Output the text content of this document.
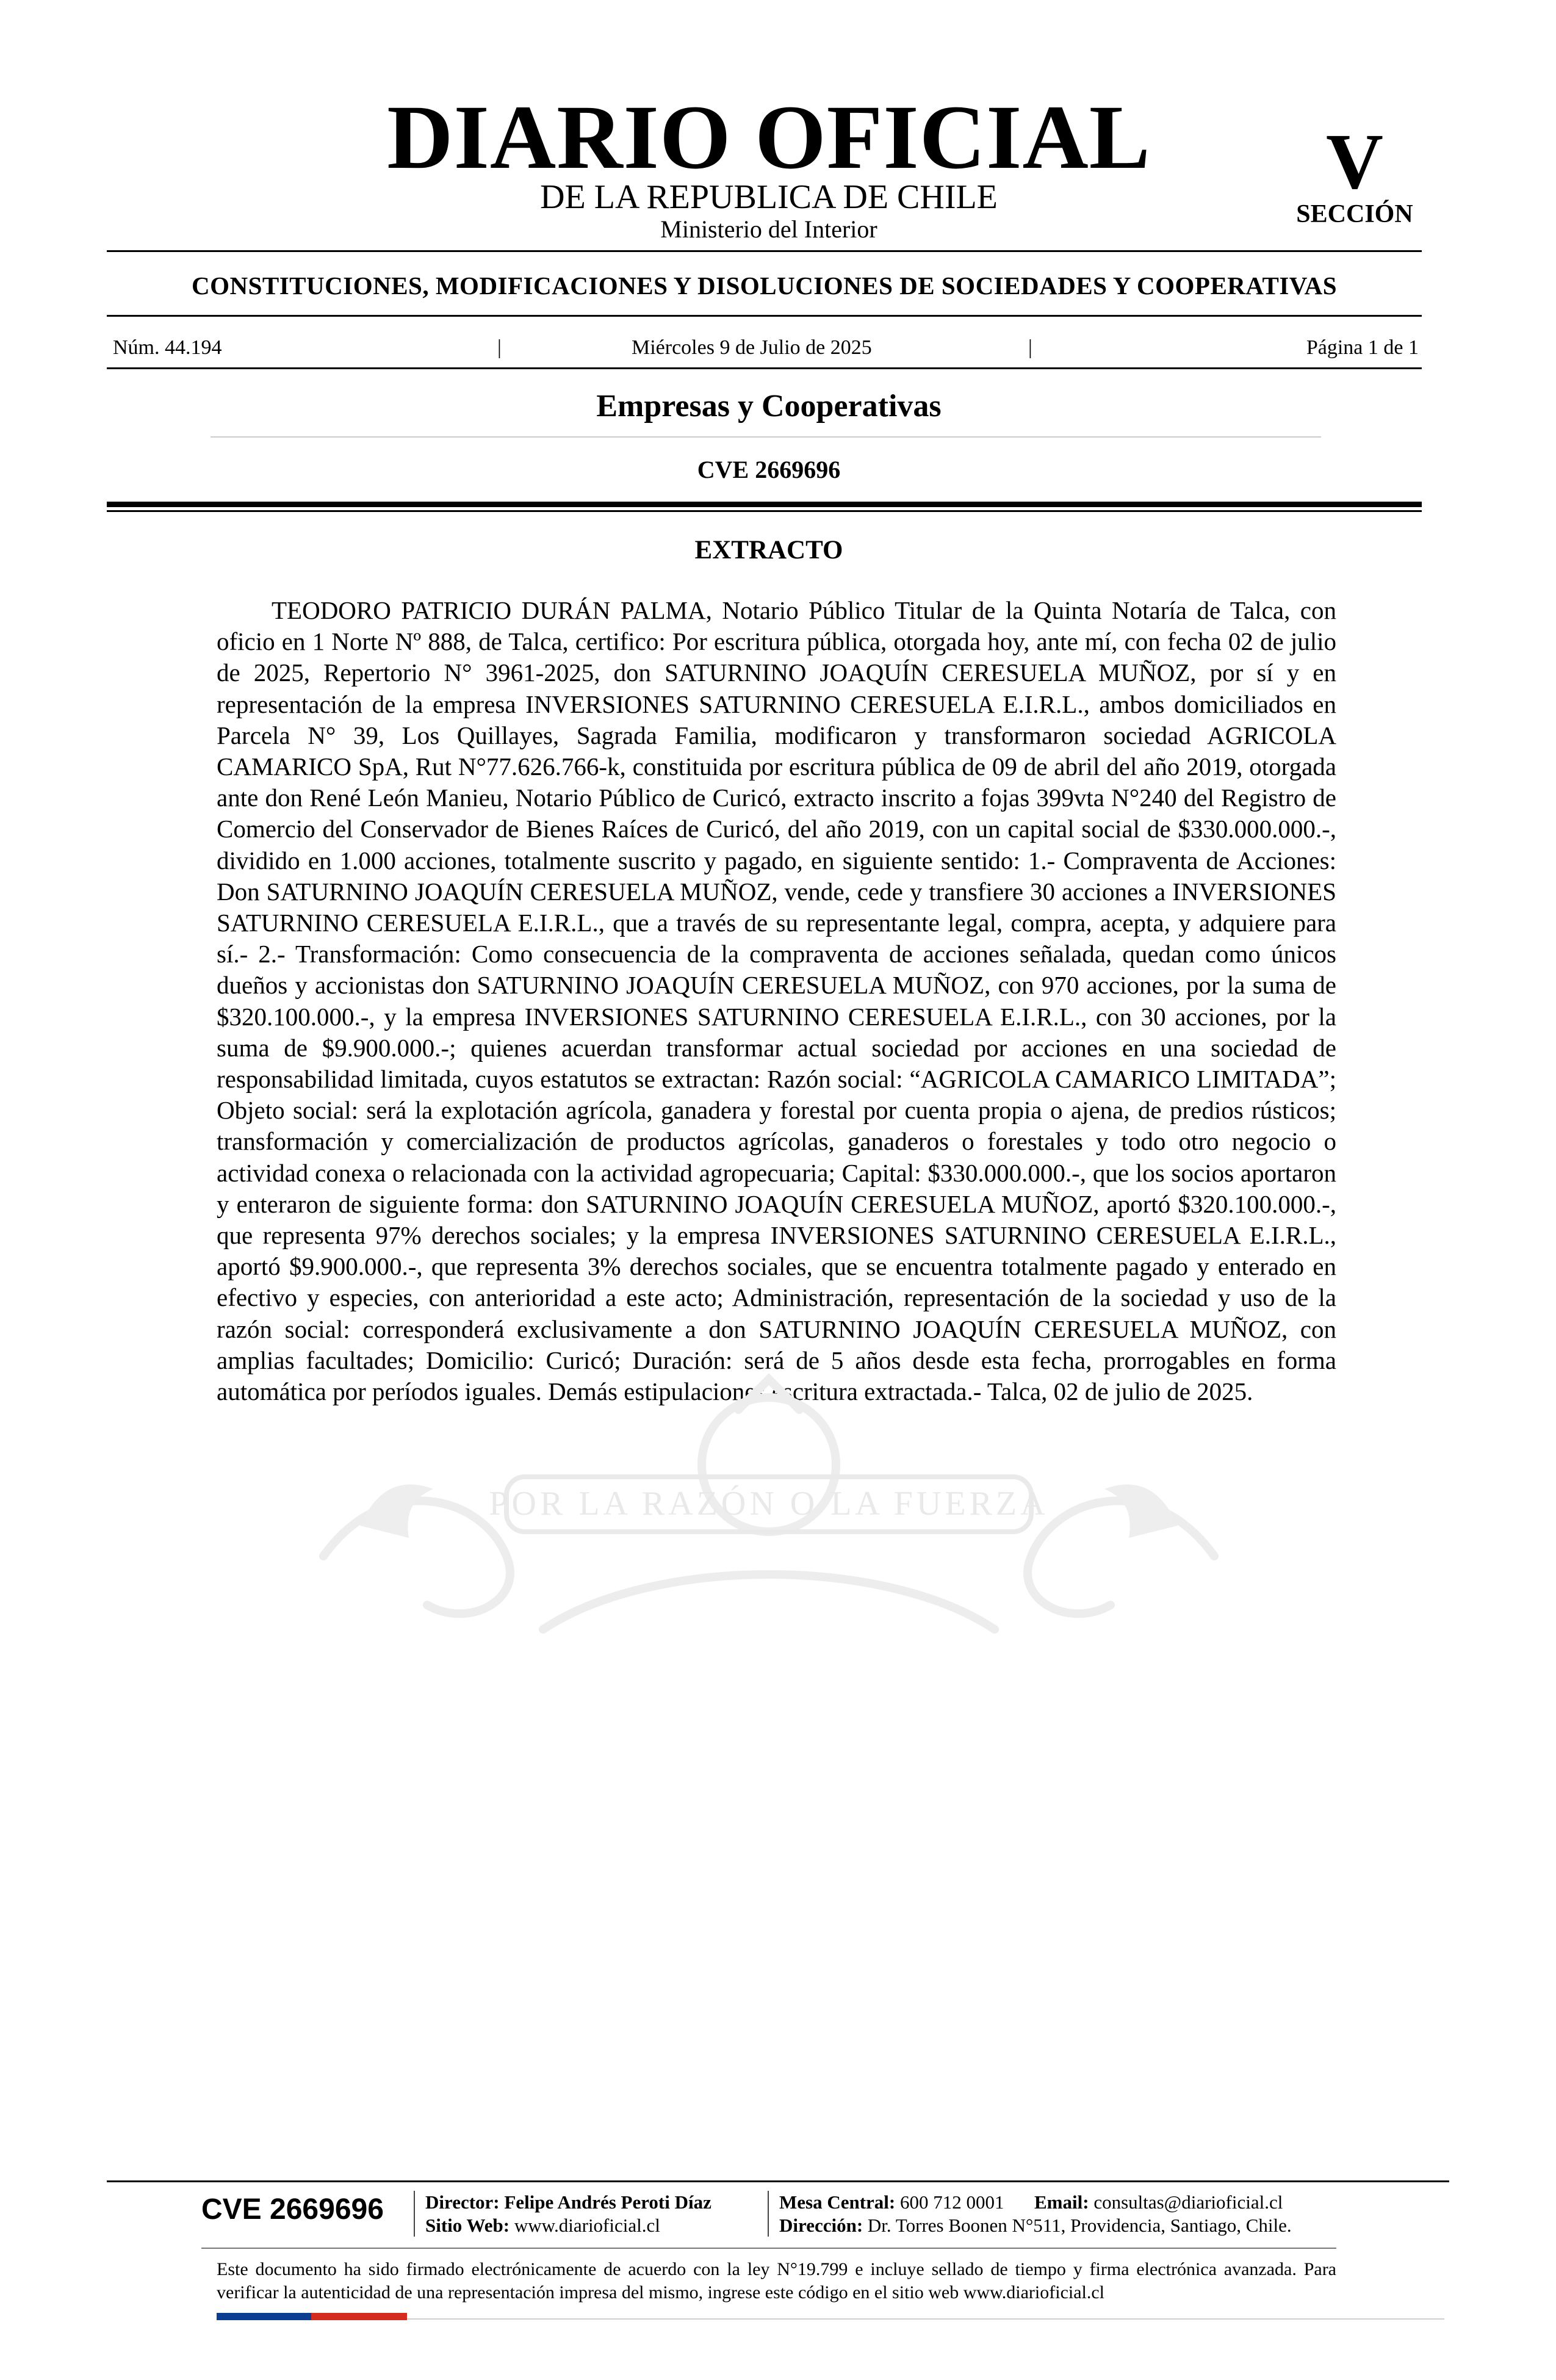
DIARIO OFICIAL
DE LA REPUBLICA DE CHILE
Ministerio del Interior
V
SECCIÓN
CONSTITUCIONES, MODIFICACIONES Y DISOLUCIONES DE SOCIEDADES Y COOPERATIVAS
Núm. 44.194	|	Miércoles 9 de Julio de 2025	|	Página 1 de 1
Empresas y Cooperativas
CVE 2669696
EXTRACTO

TEODORO PATRICIO DURÁN PALMA, Notario Público Titular de la Quinta Notaría de Talca, con oficio en 1 Norte Nº 888, de Talca, certifico: Por escritura pública, otorgada hoy, ante mí, con fecha 02 de julio de 2025, Repertorio N° 3961-2025, don SATURNINO JOAQUÍN CERESUELA MUÑOZ, por sí y en representación de la empresa INVERSIONES SATURNINO CERESUELA E.I.R.L., ambos domiciliados en Parcela N° 39, Los Quillayes, Sagrada Familia, modificaron y transformaron sociedad AGRICOLA CAMARICO SpA, Rut N°77.626.766-k, constituida por escritura pública de 09 de abril del año 2019, otorgada ante don René León Manieu, Notario Público de Curicó, extracto inscrito a fojas 399vta N°240 del Registro de Comercio del Conservador de Bienes Raíces de Curicó, del año 2019, con un capital social de $330.000.000.-, dividido en 1.000 acciones, totalmente suscrito y pagado, en siguiente sentido: 1.- Compraventa de Acciones: Don SATURNINO JOAQUÍN CERESUELA MUÑOZ, vende, cede y transfiere 30 acciones a INVERSIONES SATURNINO CERESUELA E.I.R.L., que a través de su representante legal, compra, acepta, y adquiere para sí.- 2.- Transformación: Como consecuencia de la compraventa de acciones señalada, quedan como únicos dueños y accionistas don SATURNINO JOAQUÍN CERESUELA MUÑOZ, con 970 acciones, por la suma de $320.100.000.-, y la empresa INVERSIONES SATURNINO CERESUELA E.I.R.L., con 30 acciones, por la suma de $9.900.000.-; quienes acuerdan transformar actual sociedad por acciones en una sociedad de responsabilidad limitada, cuyos estatutos se extractan: Razón social: “AGRICOLA CAMARICO LIMITADA”; Objeto social: será la explotación agrícola, ganadera y forestal por cuenta propia o ajena, de predios rústicos; transformación y comercialización de productos agrícolas, ganaderos o forestales y todo otro negocio o actividad conexa o relacionada con la actividad agropecuaria; Capital: $330.000.000.-, que los socios aportaron y enteraron de siguiente forma: don SATURNINO JOAQUÍN CERESUELA MUÑOZ, aportó $320.100.000.-, que representa 97% derechos sociales; y la empresa INVERSIONES SATURNINO CERESUELA E.I.R.L., aportó $9.900.000.-, que representa 3% derechos sociales, que se encuentra totalmente pagado y enterado en efectivo y especies, con anterioridad a este acto; Administración, representación de la sociedad y uso de la razón social: corresponderá exclusivamente a don SATURNINO JOAQUÍN CERESUELA MUÑOZ, con amplias facultades; Domicilio: Curicó; Duración: será de 5 años desde esta fecha, prorrogables en forma automática por períodos iguales. Demás estipulaciones escritura extractada.- Talca, 02 de julio de 2025.

POR LA RAZÓN O LA FUERZA
CVE 2669696	Director: Felipe Andrés Peroti Díaz
Sitio Web: www.diarioficial.cl
Mesa Central: 600 712 0001 Email: consultas@diarioficial.cl
Dirección: Dr. Torres Boonen N°511, Providencia, Santiago, Chile.

Este documento ha sido firmado electrónicamente de acuerdo con la ley N°19.799 e incluye sellado de tiempo y firma electrónica avanzada. Para verificar la autenticidad de una representación impresa del mismo, ingrese este código en el sitio web www.diarioficial.cl
